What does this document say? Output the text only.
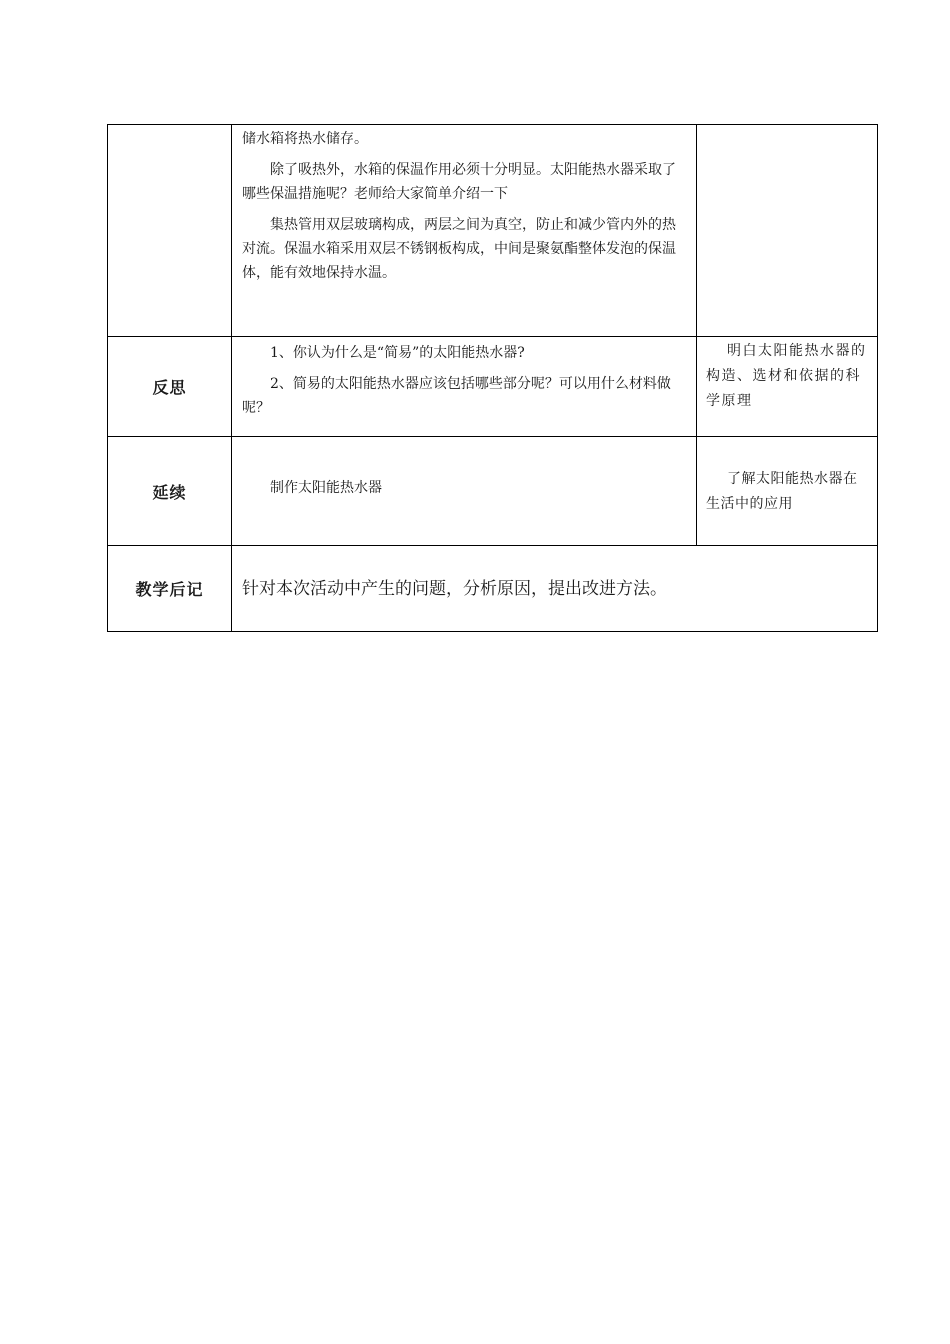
	储水箱将热水储存。

除了吸热外，水箱的保温作用必须十分明显。太阳能热水器采取了哪些保温措施呢？老师给大家简单介绍一下

集热管用双层玻璃构成，两层之间为真空，防止和减少管内外的热对流。保温水箱采用双层不锈钢板构成，中间是聚氨酯整体发泡的保温体，能有效地保持水温。	

反思	1、你认为什么是“简易”的太阳能热水器?

2、简易的太阳能热水器应该包括哪些部分呢？可以用什么材料做呢？	明白太阳能热水器的构造、选材和依据的科学原理

延续	制作太阳能热水器	了解太阳能热水器在生活中的应用

教学后记	针对本次活动中产生的问题，分析原因，提出改进方法。	
